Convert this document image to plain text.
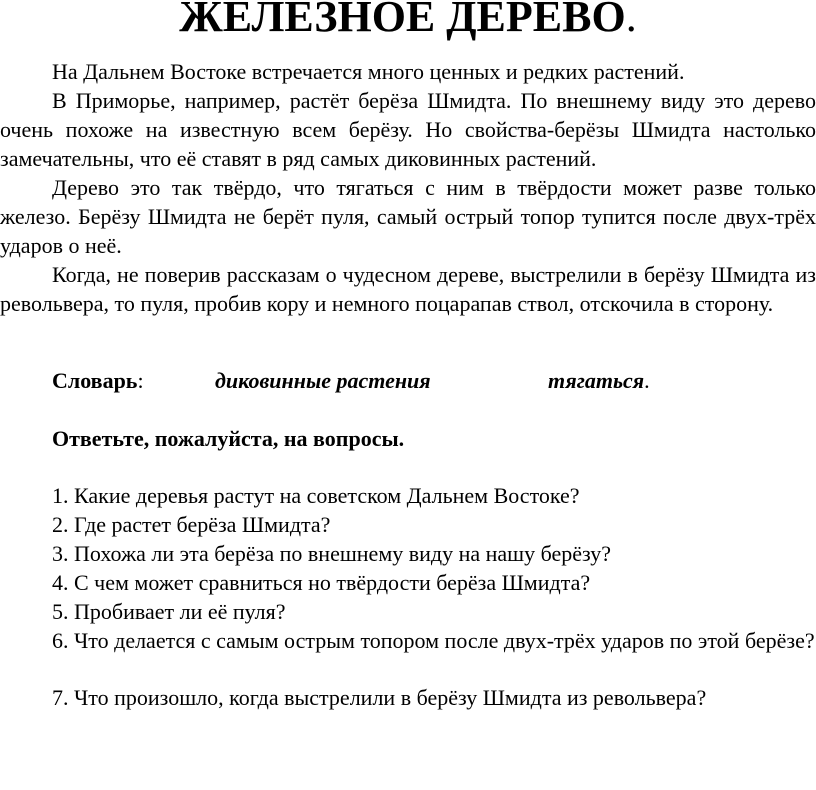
ЖЕЛЕЗНОЕ ДЕРЕВО.

На Дальнем Востоке встречается много ценных и редких растений.

В Приморье, например, растёт берёза Шмидта. По внешнему виду это дерево очень похоже на известную всем берёзу. Но свойства-берёзы Шмидта настолько замечательны, что её ставят в ряд самых диковинных растений.

Дерево это так твёрдо, что тягаться с ним в твёрдости может разве только железо. Берёзу Шмидта не берёт пуля, самый острый топор тупится после двух-трёх ударов о неё.

Когда, не поверив рассказам о чудесном дереве, выстрелили в берёзу Шмидта из револьвера, то пуля, пробив кору и немного поцарапав ствол, отскочила в сторону.

Словарь:	диковинные растения	тягаться.
Ответьте, пожалуйста, на вопросы.

1. Какие деревья растут на советском Дальнем Востоке?

2. Где растет берёза Шмидта?

3. Похожа ли эта берёза по внешнему виду на нашу берёзу?

4. С чем может сравниться но твёрдости берёза Шмидта?

5. Пробивает ли её пуля?

6. Что делается с самым острым топором после двух-трёх ударов по этой берёзе?

7. Что произошло, когда выстрелили в берёзу Шмидта из револьвера?
